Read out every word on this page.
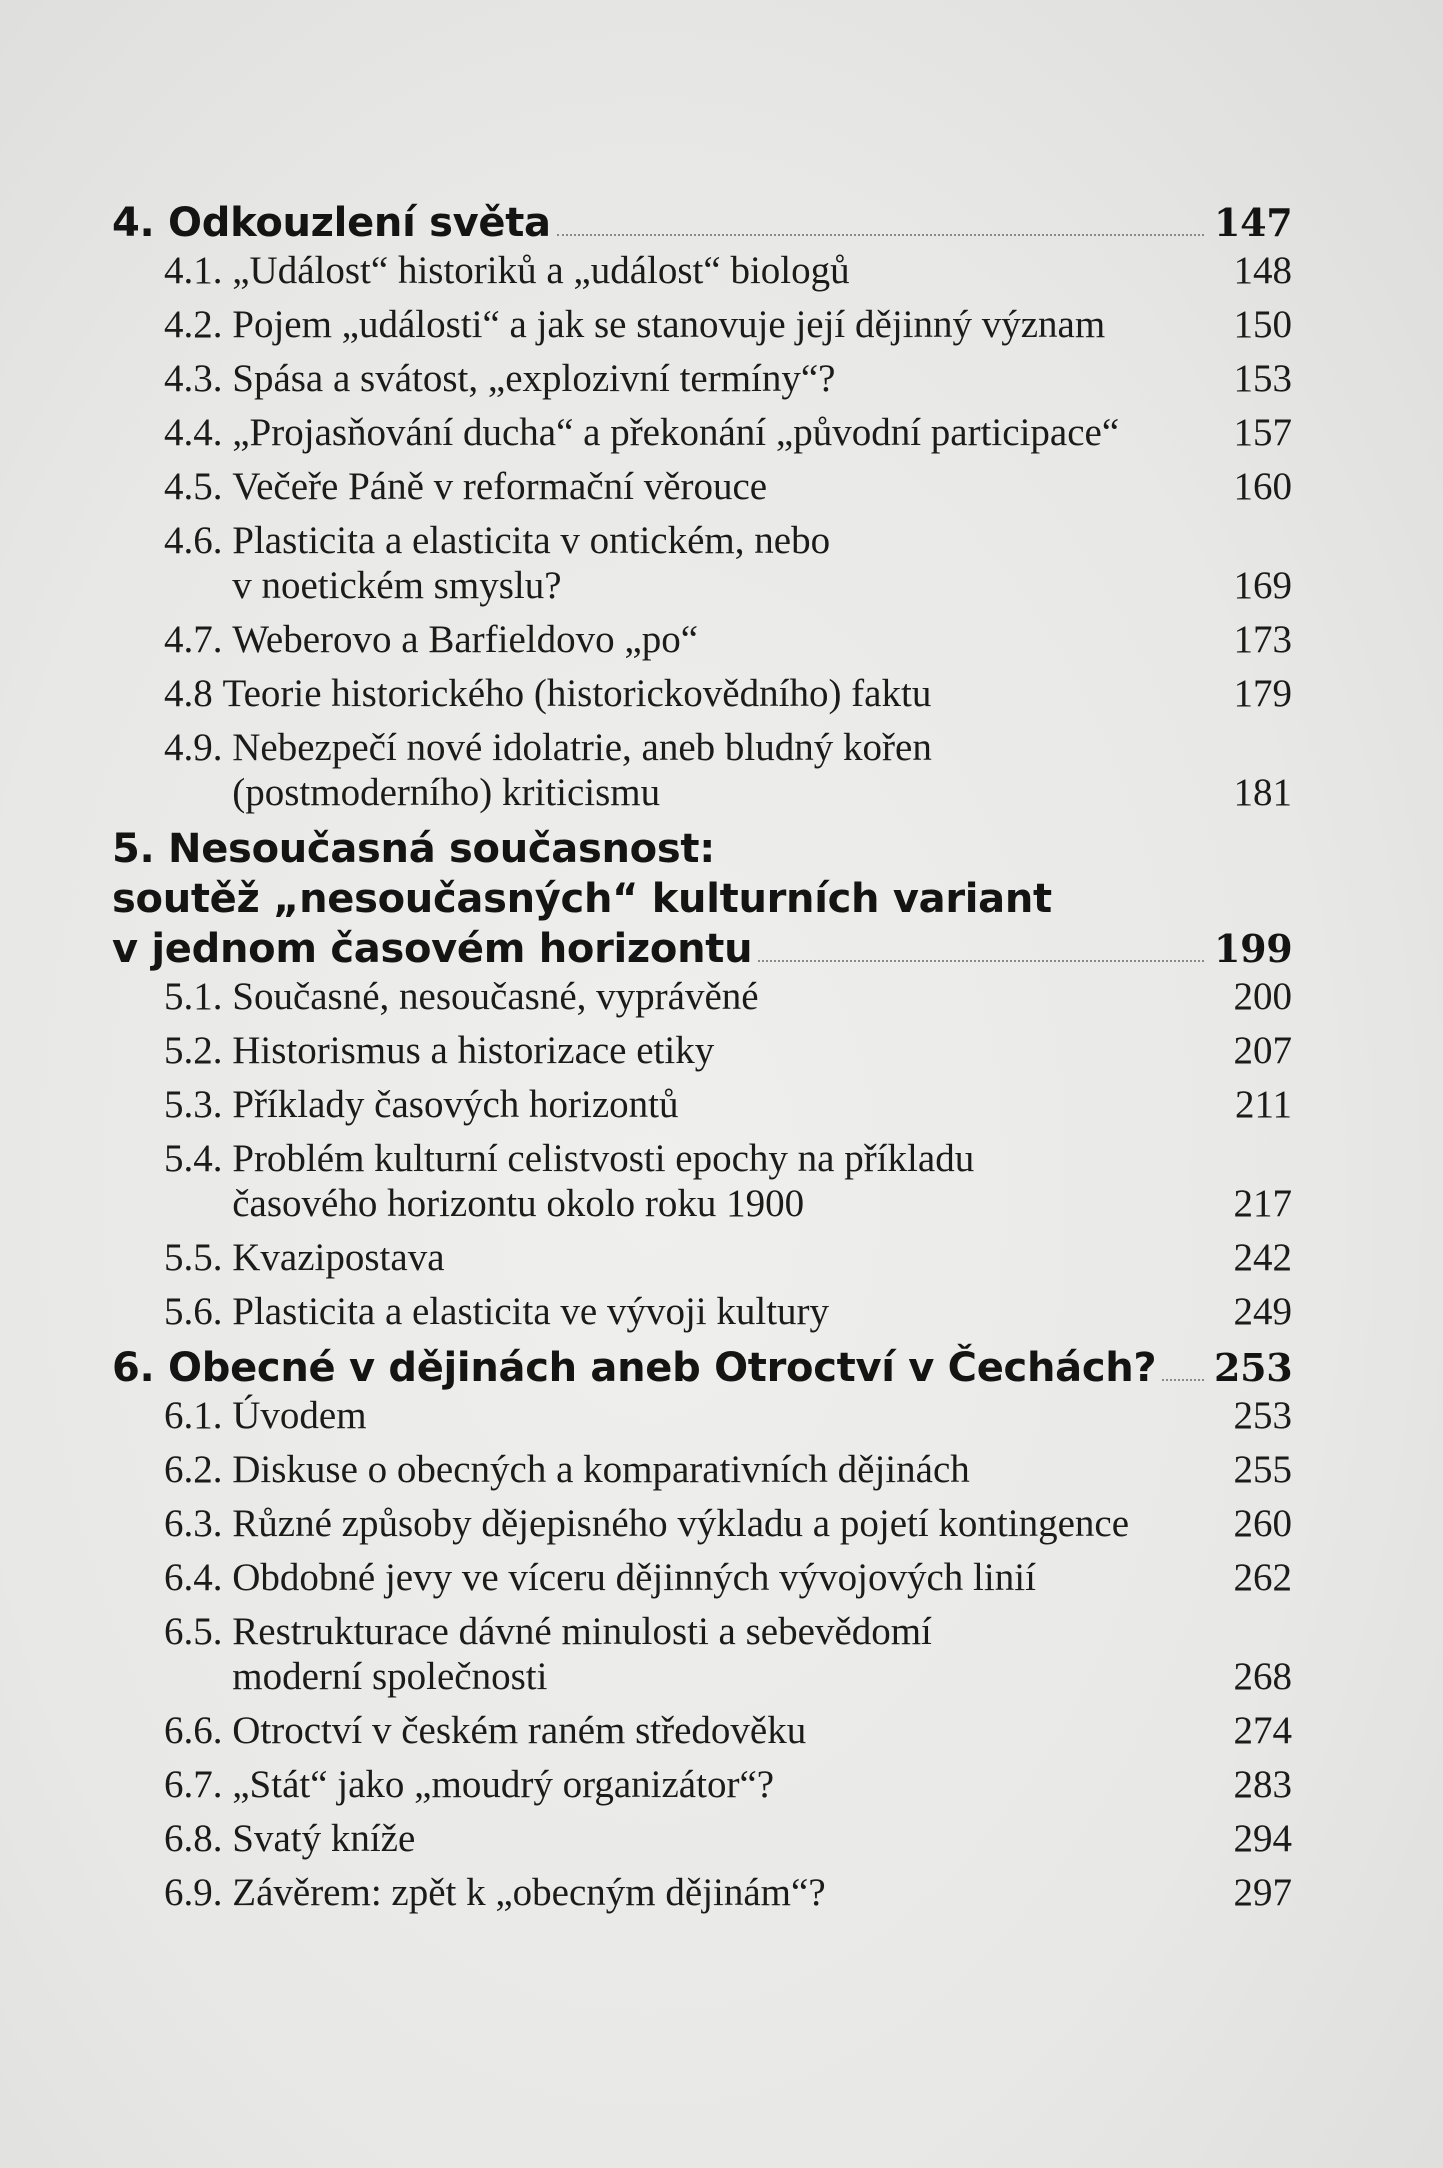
4. Odkouzlení světa	147
4.1. „Událost“ historiků a „událost“ biologů	148
4.2. Pojem „události“ a jak se stanovuje její dějinný význam	150
4.3. Spása a svátost, „explozivní termíny“?	153
4.4. „Projasňování ducha“ a překonání „původní participace“	157
4.5. Večeře Páně v reformační věrouce	160
4.6. Plasticita a elasticita v ontickém, nebo
v noetickém smyslu?	169
4.7. Weberovo a Barfieldovo „po“	173
4.8 Teorie historického (historickovědního) faktu	179
4.9. Nebezpečí nové idolatrie, aneb bludný kořen
(postmoderního) kriticismu	181
5. Nesoučasná současnost:
soutěž „nesoučasných“ kulturních variant
v jednom časovém horizontu	199
5.1. Současné, nesoučasné, vyprávěné	200
5.2. Historismus a historizace etiky	207
5.3. Příklady časových horizontů	211
5.4. Problém kulturní celistvosti epochy na příkladu
časového horizontu okolo roku 1900	217
5.5. Kvazipostava	242
5.6. Plasticita a elasticita ve vývoji kultury	249
6. Obecné v dějinách aneb Otroctví v Čechách? 253
6.1. Úvodem	253
6.2. Diskuse o obecných a komparativních dějinách	255
6.3. Různé způsoby dějepisného výkladu a pojetí kontingence	260
6.4. Obdobné jevy ve víceru dějinných vývojových linií	262
6.5. Restrukturace dávné minulosti a sebevědomí
moderní společnosti	268
6.6. Otroctví v českém raném středověku	274
6.7. „Stát“ jako „moudrý organizátor“?	283
6.8. Svatý kníže	294
6.9. Závěrem: zpět k „obecným dějinám“?	297
